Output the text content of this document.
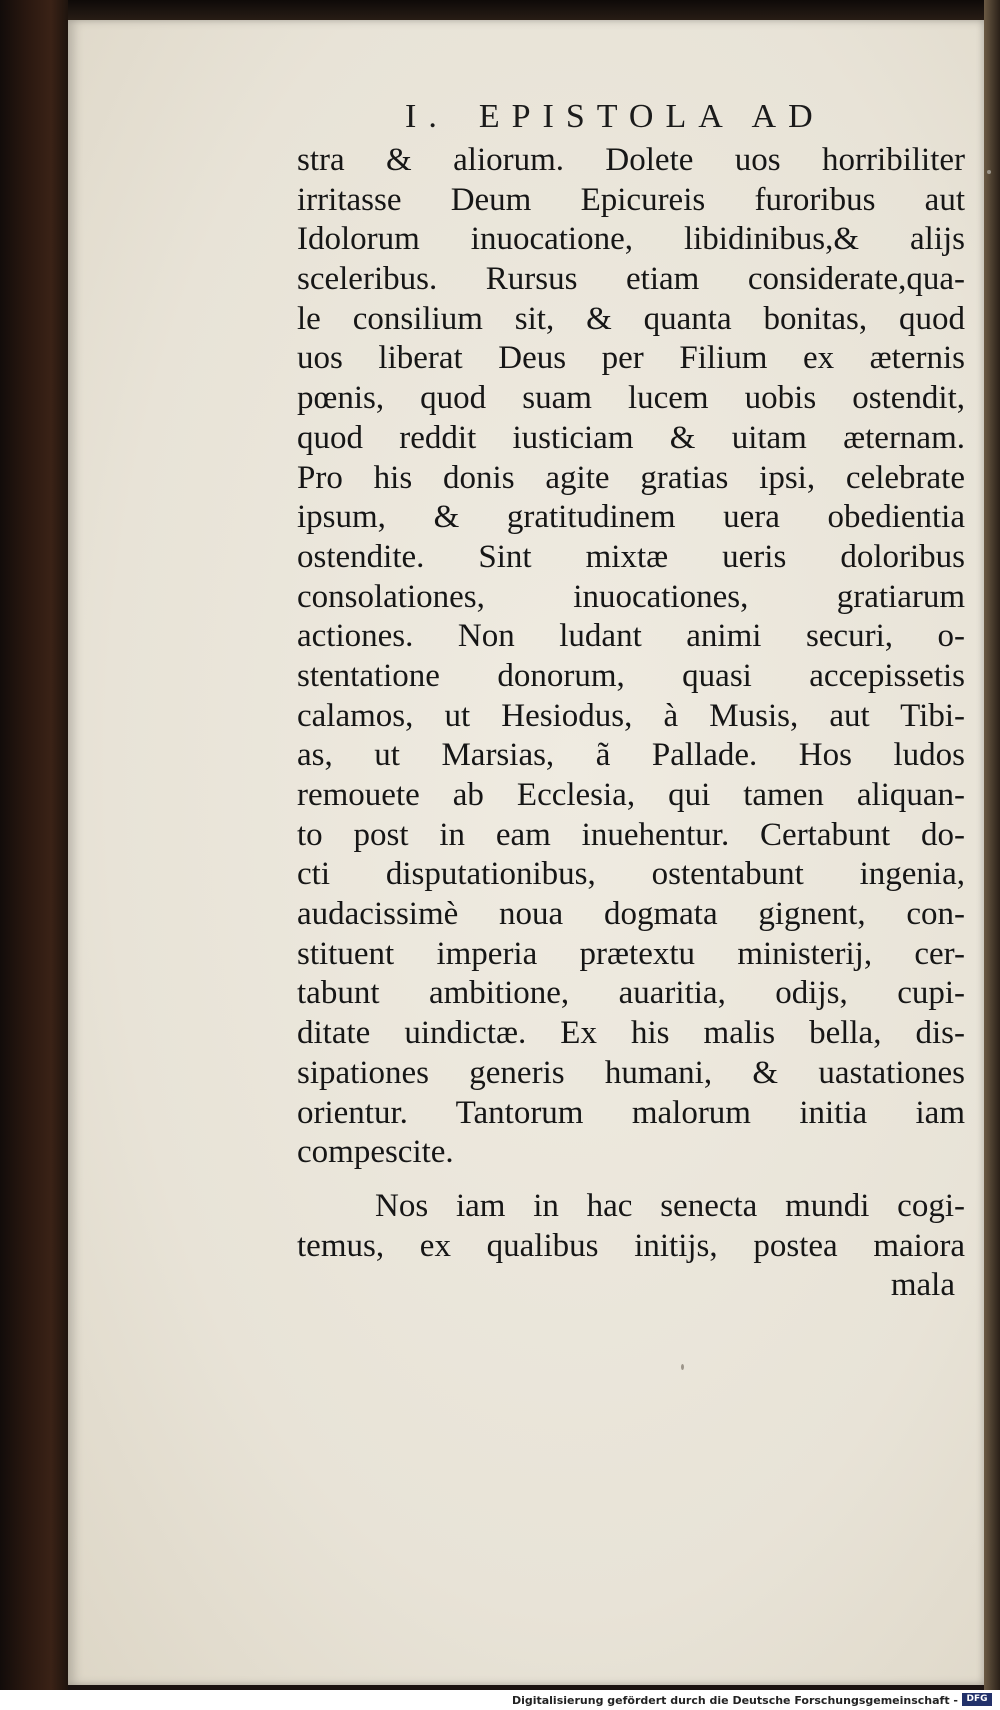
I. EPISTOLA AD
stra & aliorum. Dolete uos horribiliter
irritasse Deum Epicureis furoribus aut
Idolorum inuocatione, libidinibus,& aliјs
sceleribus. Rursus etiam considerate,qua-
le consilium sit, & quanta bonitas, quod
uos liberat Deus per Filium ex æternis
pœnis, quod suam lucem uobis ostendit,
quod reddit iusticiam & uitam æternam.
Pro his donis agite gratias ipsi, celebrate
ipsum, & gratitudinem uera obedientia
ostendite. Sint mixtæ ueris doloribus
consolationes, inuocationes, gratiarum
actiones. Non ludant animi securi, o-
stentatione donorum, quasi accepissetis
calamos, ut Hesiodus, à Musis, aut Tibi-
as, ut Marsias, ã Pallade. Hos ludos
remouete ab Ecclesia, qui tamen aliquan-
to post in eam inuehentur. Certabunt do-
cti disputationibus, ostentabunt ingenia,
audacissimè noua dogmata gignent, con-
stituent imperia prætextu ministerіј, cer-
tabunt ambitione, auaritia, odіјs, cupi-
ditate uindictæ. Ex his malis bella, dis-
sipationes generis humani, & uastationes
orientur. Tantorum malorum initia iam
compescite.
Nos iam in hac senecta mundi cogi-
temus, ex qualibus initіјs, postea maiora
mala
Digitalisierung gefördert durch die Deutsche Forschungsgemeinschaft - DFG
